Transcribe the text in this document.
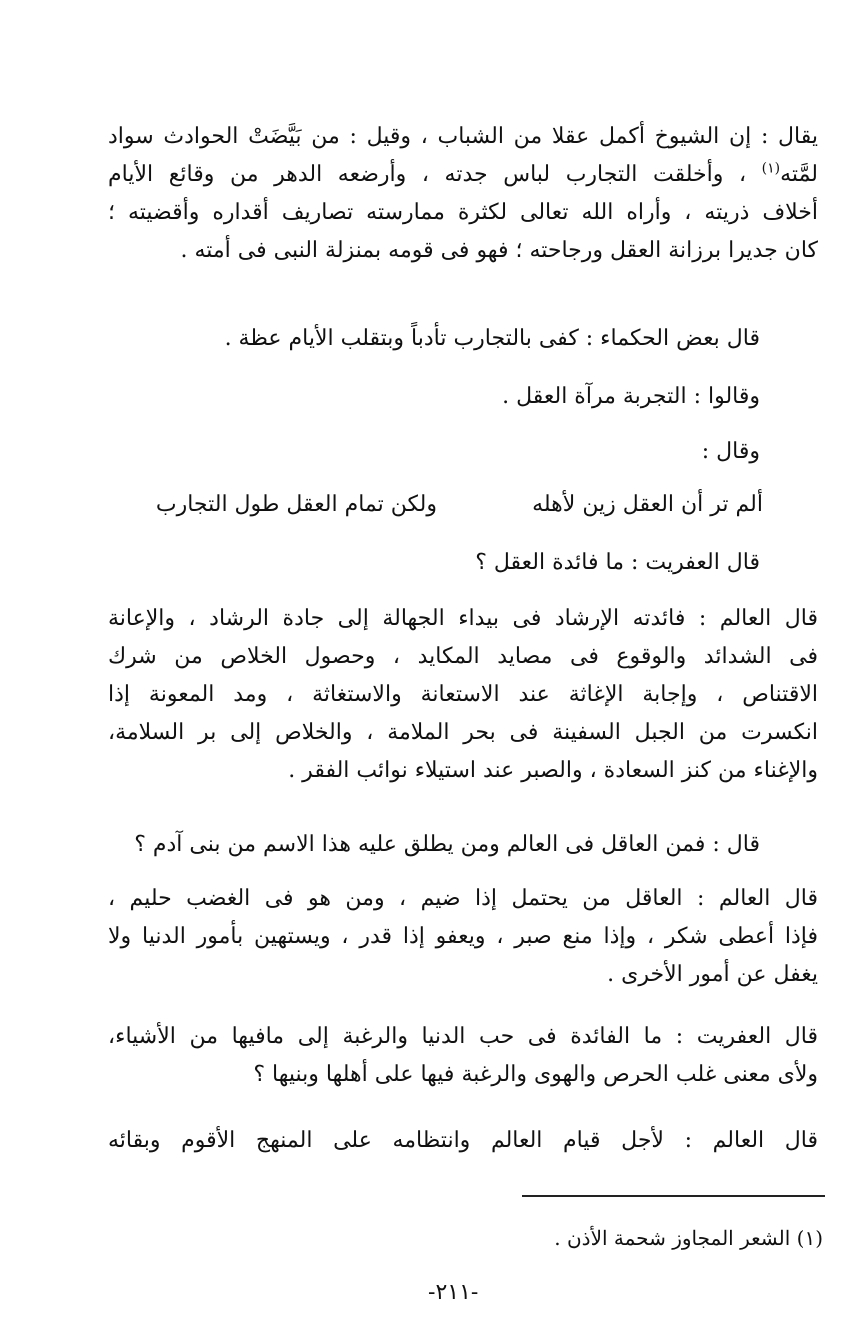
يقال : إن الشيوخ أكمل عقلا من الشباب ، وقيل : من بَيَّضَتْ الحوادث سواد
لمَّته$^{(١)}$ ، وأخلقت التجارب لباس جدته ، وأرضعه الدهر من وقائع الأيام
أخلاف ذريته ، وأراه الله تعالى لكثرة ممارسته تصاريف أقداره وأقضيته ؛
كان جديرا برزانة العقل ورجاحته ؛ فهو فى قومه بمنزلة النبى فى أمته .
قال بعض الحكماء : كفى بالتجارب تأدباً وبتقلب الأيام عظة .
وقالوا : التجربة مرآة العقل .
وقال :
ألم تر أن العقل زين لأهله
ولكن تمام العقل طول التجارب
قال العفريت : ما فائدة العقل ؟
قال العالم : فائدته الإرشاد فى بيداء الجهالة إلى جادة الرشاد ، والإعانة
فى الشدائد والوقوع فى مصايد المكايد ، وحصول الخلاص من شرك
الاقتناص ، وإجابة الإغاثة عند الاستعانة والاستغاثة ، ومد المعونة إذا
انكسرت من الجبل السفينة فى بحر الملامة ، والخلاص إلى بر السلامة،
والإغناء من كنز السعادة ، والصبر عند استيلاء نوائب الفقر .
قال : فمن العاقل فى العالم ومن يطلق عليه هذا الاسم من بنى آدم ؟
قال العالم : العاقل من يحتمل إذا ضيم ، ومن هو فى الغضب حليم ،
فإذا أعطى شكر ، وإذا منع صبر ، ويعفو إذا قدر ، ويستهين بأمور الدنيا ولا
يغفل عن أمور الأخرى .
قال العفريت : ما الفائدة فى حب الدنيا والرغبة إلى مافيها من الأشياء،
ولأى معنى غلب الحرص والهوى والرغبة فيها على أهلها وبنيها ؟
قال العالم : لأجل قيام العالم وانتظامه على المنهج الأقوم وبقائه
(١) الشعر المجاوز شحمة الأذن .
-٢١١-
